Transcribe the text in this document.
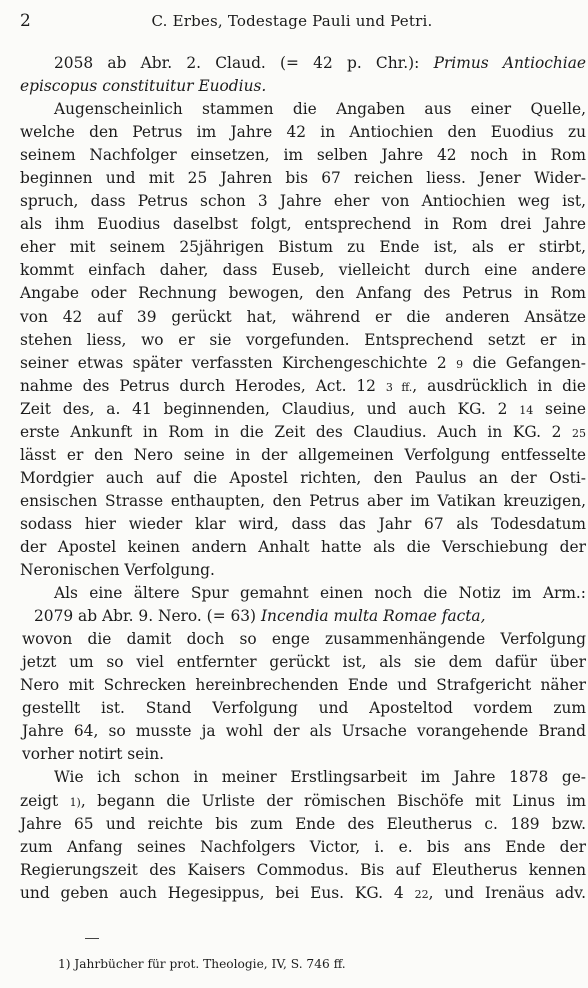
2	C. Erbes, Todestage Pauli und Petri.
2058 ab Abr. 2. Claud. (= 42 p. Chr.): Primus Antiochiae
episcopus constituitur Euodius.
Augenscheinlich stammen die Angaben aus einer Quelle,
welche den Petrus im Jahre 42 in Antiochien den Euodius zu
seinem Nachfolger einsetzen, im selben Jahre 42 noch in Rom
beginnen und mit 25 Jahren bis 67 reichen liess. Jener Wider-
spruch, dass Petrus schon 3 Jahre eher von Antiochien weg ist,
als ihm Euodius daselbst folgt, entsprechend in Rom drei Jahre
eher mit seinem 25jährigen Bistum zu Ende ist, als er stirbt,
kommt einfach daher, dass Euseb, vielleicht durch eine andere
Angabe oder Rechnung bewogen, den Anfang des Petrus in Rom
von 42 auf 39 gerückt hat, während er die anderen Ansätze
stehen liess, wo er sie vorgefunden. Entsprechend setzt er in
seiner etwas später verfassten Kirchengeschichte 2 9 die Gefangen-
nahme des Petrus durch Herodes, Act. 12 3 ff., ausdrücklich in die
Zeit des, a. 41 beginnenden, Claudius, und auch KG. 2 14 seine
erste Ankunft in Rom in die Zeit des Claudius. Auch in KG. 2 25
lässt er den Nero seine in der allgemeinen Verfolgung entfesselte
Mordgier auch auf die Apostel richten, den Paulus an der Osti-
ensischen Strasse enthaupten, den Petrus aber im Vatikan kreuzigen,
sodass hier wieder klar wird, dass das Jahr 67 als Todesdatum
der Apostel keinen andern Anhalt hatte als die Verschiebung der
Neronischen Verfolgung.
Als eine ältere Spur gemahnt einen noch die Notiz im Arm.:
2079 ab Abr. 9. Nero. (= 63) Incendia multa Romae facta,
wovon die damit doch so enge zusammenhängende Verfolgung
jetzt um so viel entfernter gerückt ist, als sie dem dafür über
Nero mit Schrecken hereinbrechenden Ende und Strafgericht näher
gestellt ist. Stand Verfolgung und Aposteltod vordem zum
Jahre 64, so musste ja wohl der als Ursache vorangehende Brand
vorher notirt sein.
Wie ich schon in meiner Erstlingsarbeit im Jahre 1878 ge-
zeigt 1), begann die Urliste der römischen Bischöfe mit Linus im
Jahre 65 und reichte bis zum Ende des Eleutherus c. 189 bzw.
zum Anfang seines Nachfolgers Victor, i. e. bis ans Ende der
Regierungszeit des Kaisers Commodus. Bis auf Eleutherus kennen
und geben auch Hegesippus, bei Eus. KG. 4 22, und Irenäus adv.
1) Jahrbücher für prot. Theologie, IV, S. 746 ff.
